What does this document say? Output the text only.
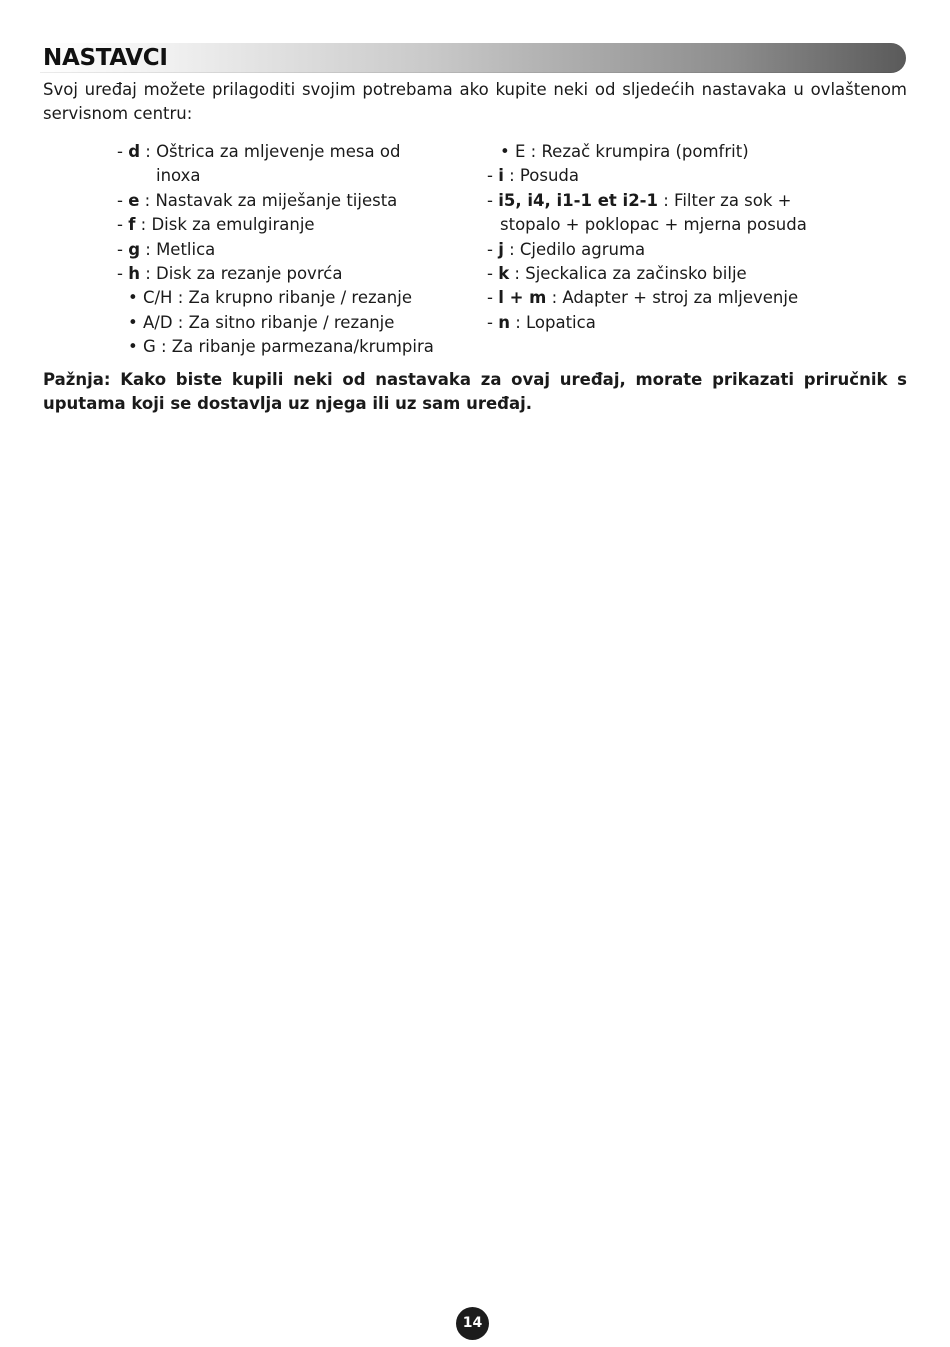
NASTAVCI

Svoj uređaj možete prilagoditi svojim potrebama ako kupite neki od sljedećih nastavaka u ovlaštenom servisnom centru:

- d : Oštrica za mljevenje mesa od
inoxa
- e : Nastavak za miješanje tijesta
- f : Disk za emulgiranje
- g : Metlica
- h : Disk za rezanje povrća
• C/H : Za krupno ribanje / rezanje
• A/D : Za sitno ribanje / rezanje
• G : Za ribanje parmezana/krumpira
• E : Rezač krumpira (pomfrit)
- i : Posuda
- i5, i4, i1-1 et i2-1 : Filter za sok +
stopalo + poklopac + mjerna posuda
- j : Cjedilo agruma
- k : Sjeckalica za začinsko bilje
- l + m : Adapter + stroj za mljevenje
- n : Lopatica

Pažnja: Kako biste kupili neki od nastavaka za ovaj uređaj, morate prikazati priručnik s uputama koji se dostavlja uz njega ili uz sam uređaj.

14
